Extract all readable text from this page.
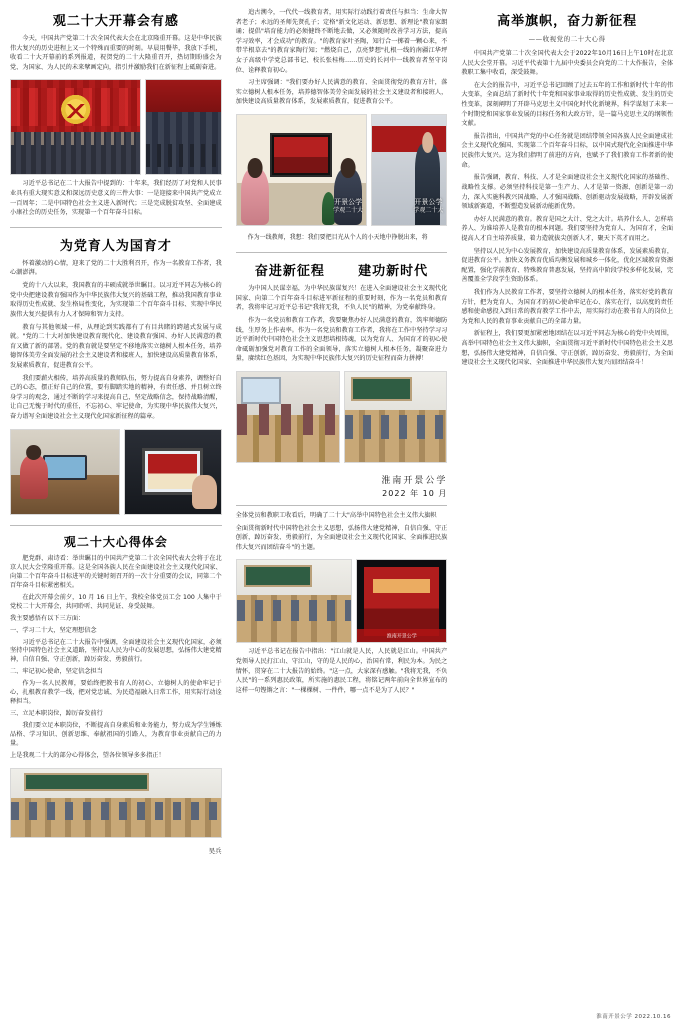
观二十大开幕会有感

今天，中国共产党第二十次全国代表大会在北京隆重开幕。这是中华民族伟大复兴的历史进程上又一个特殊而重要的时刻。早晨用餐毕，我放下手机，收看二十大开幕前的系列报道，祝贺党的二十大隆重召开，热切期盼盛会为党、为国家、为人民的未来擘画定向，指引并激励我们在新征程上砥砺奋进。

习近平总书记在二十大报告中提到的：十年来，我们经历了对党和人民事业具有重大现实意义和深远历史意义的三件大事：一是迎接来中国共产党成立一百周年；二是中国特色社会主义进入新时代；三是完成脱贫攻坚、全面建成小康社会的历史任务，实现第一个百年奋斗目标。

为党育人为国育才

怀着激动的心情，迎来了党的二十大胜利召开，作为一名教育工作者，我心潮澎湃。

党的十八大以来，我国教育的丰硕成就举世瞩目。以习近平同志为核心的党中央把建设教育强国作为中华民族伟大复兴的基础工程，推动我国教育事业取得历史性成就、发生格局性变化，为实现第二个百年奋斗目标、实现中华民族伟大复兴提供有力人才保障和智力支持。

教育与其他领域一样，从理论到实践都有了有目共睹的跨越式发展与成就。"党的二十大对加快建设教育现代化、建设教育强国、办好人民满意的教育又做了新的部署。党的教育就是要坚定不移地落实立德树人根本任务，培养德智体美劳全面发展的社会主义建设者和接班人，加快建设高质量教育体系，发展素质教育，促进教育公平。

我们要薪火相传，培养高质量的教师队伍，努力提高自身素养，调整好自己的心态，摆正好自己的位置，要有脚踏实地的精神，有责任感、并且树立终身学习的观念，通过不断的学习来提高自己，坚定战略信念，保持战略清醒，让自己无愧于时代的重任，不忘初心、牢记使命，为实现中华民族伟大复兴，奋力谱写全面建设社会主义现代化国家新征程的篇章。

观二十大心得体会

肥党群、肃诗看：举世瞩目的中国共产党第二十次全国代表大会将于在北京人民大会堂隆重开幕。这是全国各族人民在全面建设社会主义现代化国家、向第二个百年奋斗目标进军的关键时刻召开的一次十分重要的会议，同第二个百年奋斗目标紧密相关。

在此次开幕会前夕，10 月 16 日上午，我校全体党员工会 100 人集中于党校二十大开幕会，共同聆听、共同见证、身受鼓舞。

我主要感悟有以下三方面：

一、学习二十大，坚定理想信念

习近平总书记在二十大报告中强调，全面建设社会主义现代化国家，必须坚持中国特色社会主义道路，坚持以人民为中心的发展思想，弘扬伟大建党精神，自信自强、守正创新，踔厉奋发、勇毅前行。

二、牢记初心使命，坚定信念担当

作为一名人民教师，要始终把教书育人的初心、立德树人的使命牢记于心，扎根教育教学一线，把对党忠诚、为民造福融入日常工作，用实际行动诠释担当。

三、立足本职岗位，踔厉奋发前行

我们要立足本职岗位，不断提高自身素质和业务能力，努力成为学生锤炼品格、学习知识、创新思维、奉献祖国的引路人，为教育事业贡献自己的力量。

上是我观二十大的部分心得体会，望各位领导多多指正！

吴兵

追古溯今，一代代一线教育者，用实际行动践行着责任与担当：生命大智者老子；永远的圣师先贤孔子；定格"新文化运动、新思想、新理论"教育家朗诵；提倡"培育能力的必须健终不断地去做，又必须随时改善学习方法，提高学习效率，才会成功"的教育。"的教育家叶圣陶，知行合一掷着一颗心来，不带半根草去"的教育家陶行知；"燃烧自己，点亮梦想"扎根一线的南疆江华坪女子高级中学党总部书记、校长张桂梅……历史的长河中一线教育者坚守岗位、诠释教育初心。

习主席强调："我们要办好人民满意的教育、全面贯彻党的教育方针，落实立德树人根本任务，培养德智体美劳全面发展的社会主义建设者和接班人，加快建设高质量教育体系，发展素质教育，促进教育公平。

开景公学
学观二十大
开景公学
学观二十大

作为一线教师，我想：我们要把目光从个人的小天地中挣脱出来，将

奋进新征程	建功新时代

为中国人民谋幸福，为中华民族谋复兴！在进入全面建设社会主义现代化国家、向第二个百年奋斗目标进军新征程的重要时刻，作为一名党员和教育者，我将牢记习近平总书记"我将无我，不负人民"的精神，为党奉献终身。

作为一名党员和教育工作者，我要聚焦办好人民满意的教育，筑牢师德防线，生厚务上作表率。作为一名党员和教育工作者，我将在工作中坚持学习习近平新时代中国特色社会主义思想培根铸魂，以为党育人、为国育才的初心使命砥砺加强党对教育工作的全面领导，落实立德树人根本任务，凝聚奋进力量，赓续红色基因，为实现中华民族伟大复兴的历史征程而奋力拼搏！

淮南开景公学
2022 年 10 月

全体党员和教职工收看后，明确了二十大"高举中国特色社会主义伟大旗帜

全面贯彻新时代中国特色社会主义思想，弘扬伟大建党精神，自信自强、守正创新，踔厉奋发、勇毅前行，为全面建设社会主义现代化国家、全面推进民族伟大复兴而团结奋斗"的主题。

淮南开景公学

习近平总书记在报告中指出："江山就是人民，人民就是江山。中国共产党领导人民打江山、守江山，守的是人民的心，治国有常，利民为本。为民之情怀，贯穿在二十大报告的始终。"这一点，大家深有感触。"我将无我，不负人民"的一系列惠民政策，所实施的惠民工程，将铭记两年前向全世界宣布的这样一句铿锵之言："一棵棵树、一件件，哪一点不是为了人民？"

高举旗帜，奋力新征程
——收视党的二十大心得

中国共产党第二十次全国代表大会于2022年10月16日上午10时在北京人民大会堂开幕。习近平代表第十九届中央委员会向党的二十大作报告，全体教职工集中收看，深受鼓舞。

在大会的报告中，习近平总书记回顾了过去五年的工作和新时代十年的伟大变革，全面总结了新时代十年党和国家事业取得的历史性成就、发生的历史性变革，深刻阐明了开辟马克思主义中国化时代化新境界，科学谋划了未来一个时期党和国家事业发展的目标任务和大政方针，是一篇马克思主义的纲领性文献。

报告指出，中国共产党的中心任务就是团结带领全国各族人民全面建成社会主义现代化强国、实现第二个百年奋斗目标，以中国式现代化全面推进中华民族伟大复兴。这为我们指明了前进的方向，也赋予了我们教育工作者新的使命。

报告强调，教育、科技、人才是全面建设社会主义现代化国家的基础性、战略性支撑。必须坚持科技是第一生产力、人才是第一资源、创新是第一动力，深入实施科教兴国战略、人才强国战略、创新驱动发展战略，开辟发展新领域新赛道，不断塑造发展新动能新优势。

办好人民满意的教育。教育是国之大计、党之大计。培养什么人、怎样培养人、为谁培养人是教育的根本问题。我们要坚持为党育人、为国育才，全面提高人才自主培养质量，着力造就拔尖创新人才，聚天下英才而用之。

坚持以人民为中心发展教育，加快建设高质量教育体系，发展素质教育，促进教育公平。加快义务教育优质均衡发展和城乡一体化，优化区域教育资源配置，强化学前教育、特殊教育普惠发展，坚持高中阶段学校多样化发展，完善覆盖全学段学生资助体系。

我们作为人民教育工作者，要坚持立德树人的根本任务，落实好党的教育方针，把为党育人、为国育才的初心使命牢记在心、落实在行，以高度的责任感和使命感投入到日常的教育教学工作中去，用实际行动在教书育人的岗位上为党和人民的教育事业贡献自己的全部力量。

新征程上，我们要更加紧密地团结在以习近平同志为核心的党中央周围，高举中国特色社会主义伟大旗帜，全面贯彻习近平新时代中国特色社会主义思想，弘扬伟大建党精神，自信自强、守正创新，踔厉奋发、勇毅前行，为全面建设社会主义现代化国家、全面推进中华民族伟大复兴而团结奋斗！

淮南开景公学 2022.10.16
